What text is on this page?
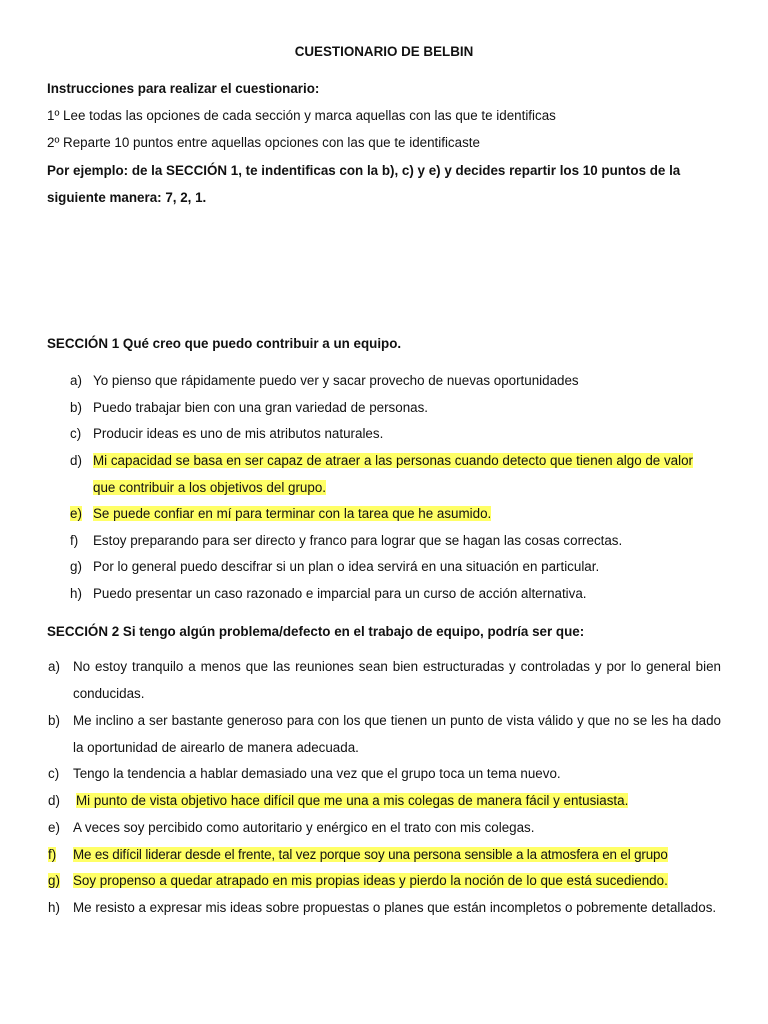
CUESTIONARIO DE BELBIN
Instrucciones para realizar el cuestionario:
1º Lee todas las opciones de cada sección y marca aquellas con las que te identificas
2º Reparte 10 puntos entre aquellas opciones con las que te identificaste
Por ejemplo: de la SECCIÓN 1, te indentificas con la b), c) y e) y decides repartir los 10 puntos de la siguiente manera: 7, 2, 1.
SECCIÓN 1 Qué creo que puedo contribuir a un equipo.
a) Yo pienso que rápidamente puedo ver y sacar provecho de nuevas oportunidades
b) Puedo trabajar bien con una gran variedad de personas.
c) Producir ideas es uno de mis atributos naturales.
d) Mi capacidad se basa en ser capaz de atraer a las personas cuando detecto que tienen algo de valor
que contribuir a los objetivos del grupo.
e) Se puede confiar en mí para terminar con la tarea que he asumido.
f) Estoy preparando para ser directo y franco para lograr que se hagan las cosas correctas.
g) Por lo general puedo descifrar si un plan o idea servirá en una situación en particular.
h) Puedo presentar un caso razonado e imparcial para un curso de acción alternativa.
SECCIÓN 2 Si tengo algún problema/defecto en el trabajo de equipo, podría ser que:
a) No estoy tranquilo a menos que las reuniones sean bien estructuradas y controladas y por lo general bien conducidas.
b) Me inclino a ser bastante generoso para con los que tienen un punto de vista válido y que no se les ha dado la oportunidad de airearlo de manera adecuada.
c) Tengo la tendencia a hablar demasiado una vez que el grupo toca un tema nuevo.
d) Mi punto de vista objetivo hace difícil que me una a mis colegas de manera fácil y entusiasta.
e) A veces soy percibido como autoritario y enérgico en el trato con mis colegas.
f) Me es difícil liderar desde el frente, tal vez porque soy una persona sensible a la atmosfera en el grupo
g) Soy propenso a quedar atrapado en mis propias ideas y pierdo la noción de lo que está sucediendo.
h) Me resisto a expresar mis ideas sobre propuestas o planes que están incompletos o pobremente detallados.
